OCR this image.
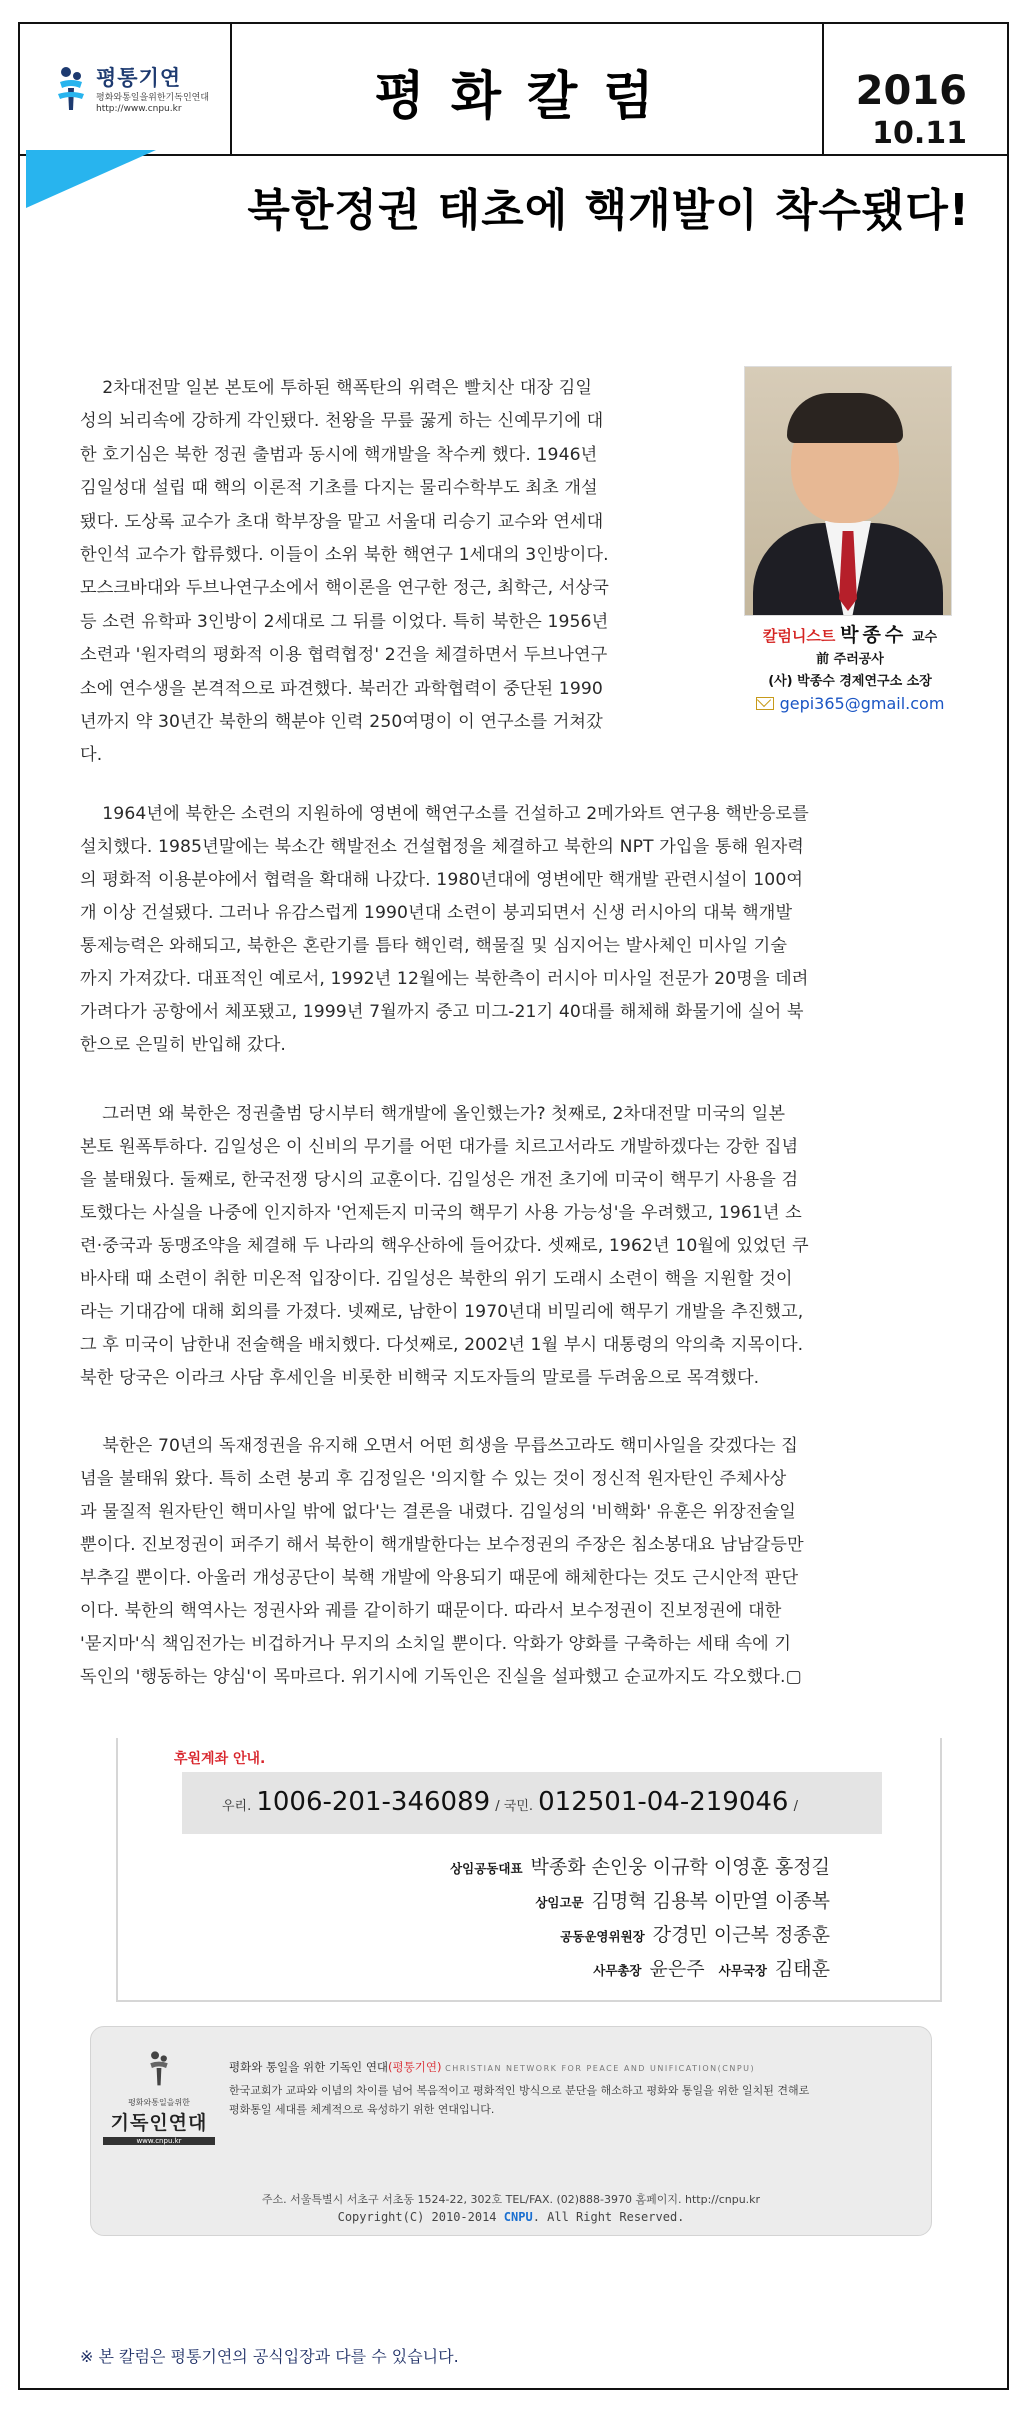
평통기연
평화와통일을위한기독인연대
http://www.cnpu.kr	평화칼럼	2016
10.11
북한정권 태초에 핵개발이 착수됐다!
칼럼니스트 박종수 교수
前 주러공사
(사) 박종수 경제연구소 소장
gepi365@gmail.com
2차대전말 일본 본토에 투하된 핵폭탄의 위력은 빨치산 대장 김일
성의 뇌리속에 강하게 각인됐다. 천왕을 무릎 꿇게 하는 신예무기에 대
한 호기심은 북한 정권 출범과 동시에 핵개발을 착수케 했다. 1946년
김일성대 설립 때 핵의 이론적 기초를 다지는 물리수학부도 최초 개설
됐다. 도상록 교수가 초대 학부장을 맡고 서울대 리승기 교수와 연세대
한인석 교수가 합류했다. 이들이 소위 북한 핵연구 1세대의 3인방이다.
모스크바대와 두브나연구소에서 핵이론을 연구한 정근, 최학근, 서상국
등 소련 유학파 3인방이 2세대로 그 뒤를 이었다. 특히 북한은 1956년
소련과 '원자력의 평화적 이용 협력협정' 2건을 체결하면서 두브나연구
소에 연수생을 본격적으로 파견했다. 북러간 과학협력이 중단된 1990
년까지 약 30년간 북한의 핵분야 인력 250여명이 이 연구소를 거쳐갔
다.
1964년에 북한은 소련의 지원하에 영변에 핵연구소를 건설하고 2메가와트 연구용 핵반응로를
설치했다. 1985년말에는 북소간 핵발전소 건설협정을 체결하고 북한의 NPT 가입을 통해 원자력
의 평화적 이용분야에서 협력을 확대해 나갔다. 1980년대에 영변에만 핵개발 관련시설이 100여
개 이상 건설됐다. 그러나 유감스럽게 1990년대 소련이 붕괴되면서 신생 러시아의 대북 핵개발
통제능력은 와해되고, 북한은 혼란기를 틈타 핵인력, 핵물질 및 심지어는 발사체인 미사일 기술
까지 가져갔다. 대표적인 예로서, 1992년 12월에는 북한측이 러시아 미사일 전문가 20명을 데려
가려다가 공항에서 체포됐고, 1999년 7월까지 중고 미그-21기 40대를 해체해 화물기에 실어 북
한으로 은밀히 반입해 갔다.
그러면 왜 북한은 정권출범 당시부터 핵개발에 올인했는가? 첫째로, 2차대전말 미국의 일본
본토 원폭투하다. 김일성은 이 신비의 무기를 어떤 대가를 치르고서라도 개발하겠다는 강한 집념
을 불태웠다. 둘째로, 한국전쟁 당시의 교훈이다. 김일성은 개전 초기에 미국이 핵무기 사용을 검
토했다는 사실을 나중에 인지하자 '언제든지 미국의 핵무기 사용 가능성'을 우려했고, 1961년 소
련·중국과 동맹조약을 체결해 두 나라의 핵우산하에 들어갔다. 셋째로, 1962년 10월에 있었던 쿠
바사태 때 소련이 취한 미온적 입장이다. 김일성은 북한의 위기 도래시 소련이 핵을 지원할 것이
라는 기대감에 대해 회의를 가졌다. 넷째로, 남한이 1970년대 비밀리에 핵무기 개발을 추진했고,
그 후 미국이 남한내 전술핵을 배치했다. 다섯째로, 2002년 1월 부시 대통령의 악의축 지목이다.
북한 당국은 이라크 사담 후세인을 비롯한 비핵국 지도자들의 말로를 두려움으로 목격했다.
북한은 70년의 독재정권을 유지해 오면서 어떤 희생을 무릅쓰고라도 핵미사일을 갖겠다는 집
념을 불태워 왔다. 특히 소련 붕괴 후 김정일은 '의지할 수 있는 것이 정신적 원자탄인 주체사상
과 물질적 원자탄인 핵미사일 밖에 없다'는 결론을 내렸다. 김일성의 '비핵화' 유훈은 위장전술일
뿐이다. 진보정권이 퍼주기 해서 북한이 핵개발한다는 보수정권의 주장은 침소봉대요 남남갈등만
부추길 뿐이다. 아울러 개성공단이 북핵 개발에 악용되기 때문에 해체한다는 것도 근시안적 판단
이다. 북한의 핵역사는 정권사와 궤를 같이하기 때문이다. 따라서 보수정권이 진보정권에 대한
'묻지마'식 책임전가는 비겁하거나 무지의 소치일 뿐이다. 악화가 양화를 구축하는 세태 속에 기
독인의 '행동하는 양심'이 목마르다. 위기시에 기독인은 진실을 설파했고 순교까지도 각오했다.▢
후원계좌 안내.
우리. 1006-201-346089 / 국민. 012501-04-219046 /
상임공동대표 박종화 손인웅 이규학 이영훈 홍정길
상임고문 김명혁 김용복 이만열 이종복
공동운영위원장 강경민 이근복 정종훈
사무총장 윤은주 사무국장 김태훈
평화와통일을위한
기독인연대
www.cnpu.kr
평화와 통일을 위한 기독인 연대(평통기연) CHRISTIAN NETWORK FOR PEACE AND UNIFICATION(CNPU)
한국교회가 교파와 이념의 차이를 넘어 복음적이고 평화적인 방식으로 분단을 해소하고 평화와 통일을 위한 일치된 견해로
평화통일 세대를 체계적으로 육성하기 위한 연대입니다.
주소. 서울특별시 서초구 서초동 1524-22, 302호 TEL/FAX. (02)888-3970 홈페이지. http://cnpu.kr
Copyright(C) 2010-2014 CNPU. All Right Reserved.
※ 본 칼럼은 평통기연의 공식입장과 다를 수 있습니다.
